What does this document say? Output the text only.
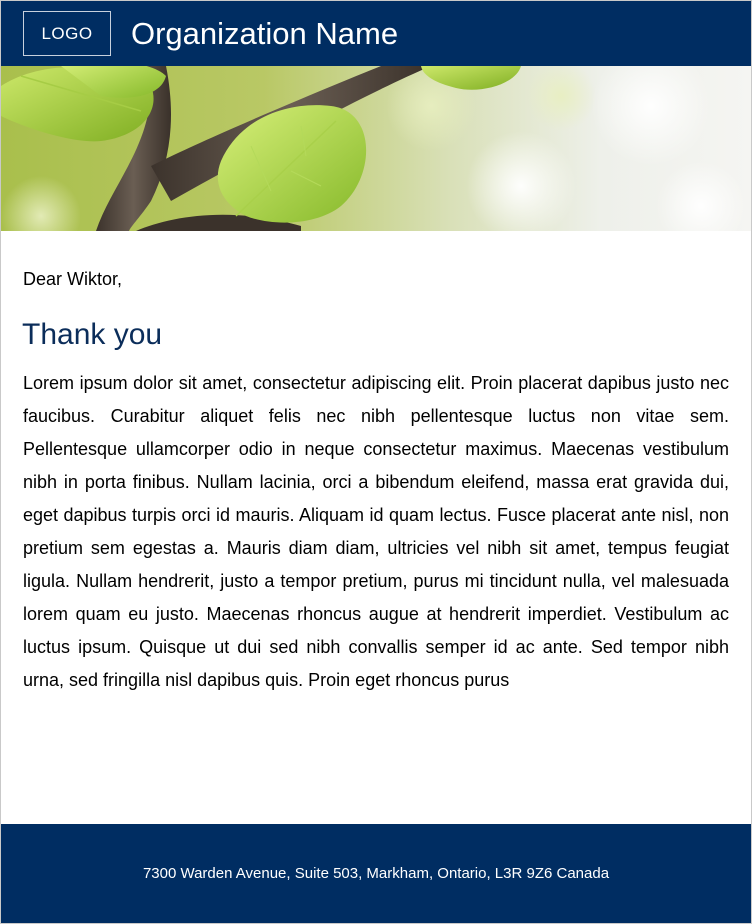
LOGO Organization Name

Dear Wiktor,

Thank you

Lorem ipsum dolor sit amet, consectetur adipiscing elit. Proin placerat dapibus justo nec faucibus. Curabitur aliquet felis nec nibh pellentesque luctus non vitae sem. Pellentesque ullamcorper odio in neque consectetur maximus. Maecenas vestibulum nibh in porta finibus. Nullam lacinia, orci a bibendum eleifend, massa erat gravida dui, eget dapibus turpis orci id mauris. Aliquam id quam lectus. Fusce placerat ante nisl, non pretium sem egestas a. Mauris diam diam, ultricies vel nibh sit amet, tempus feugiat ligula. Nullam hendrerit, justo a tempor pretium, purus mi tincidunt nulla, vel malesuada lorem quam eu justo. Maecenas rhoncus augue at hendrerit imperdiet. Vestibulum ac luctus ipsum. Quisque ut dui sed nibh convallis semper id ac ante. Sed tempor nibh urna, sed fringilla nisl dapibus quis. Proin eget rhoncus purus

7300 Warden Avenue, Suite 503, Markham, Ontario, L3R 9Z6 Canada
